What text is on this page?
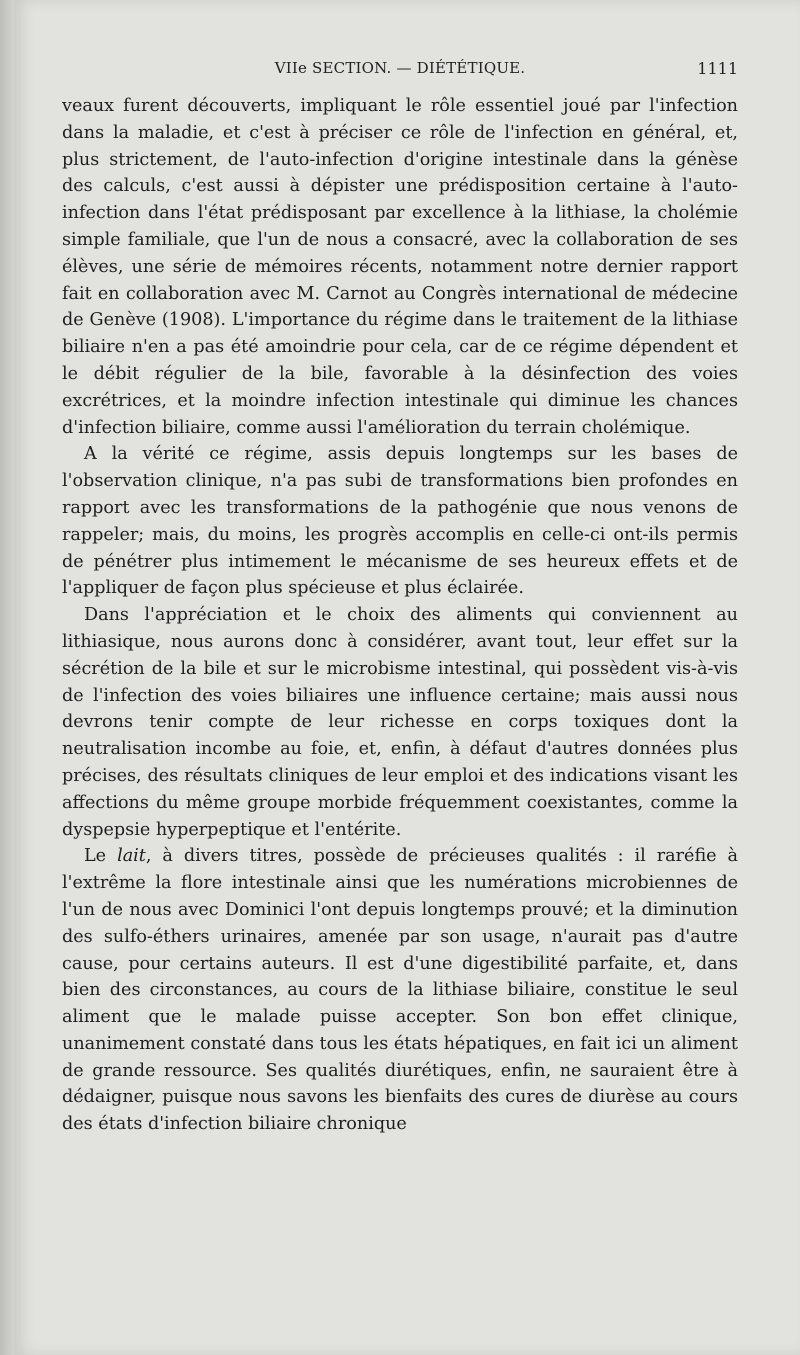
VIIe SECTION. — DIÉTÉTIQUE.	1111

veaux furent découverts, impliquant le rôle essentiel joué par l'infection dans la maladie, et c'est à préciser ce rôle de l'infection en général, et, plus strictement, de l'auto-infection d'origine intestinale dans la génèse des calculs, c'est aussi à dépister une prédisposition certaine à l'auto-infection dans l'état prédisposant par excellence à la lithiase, la cholémie simple familiale, que l'un de nous a consacré, avec la collaboration de ses élèves, une série de mémoires récents, notamment notre dernier rapport fait en collaboration avec M. Carnot au Congrès international de médecine de Genève (1908). L'importance du régime dans le traitement de la lithiase biliaire n'en a pas été amoindrie pour cela, car de ce régime dépendent et le débit régulier de la bile, favorable à la désinfection des voies excrétrices, et la moindre infection intestinale qui diminue les chances d'infection biliaire, comme aussi l'amélioration du terrain cholémique.

A la vérité ce régime, assis depuis longtemps sur les bases de l'observation clinique, n'a pas subi de transformations bien profondes en rapport avec les transformations de la pathogénie que nous venons de rappeler; mais, du moins, les progrès accomplis en celle-ci ont-ils permis de pénétrer plus intimement le mécanisme de ses heureux effets et de l'appliquer de façon plus spécieuse et plus éclairée.

Dans l'appréciation et le choix des aliments qui conviennent au lithiasique, nous aurons donc à considérer, avant tout, leur effet sur la sécrétion de la bile et sur le microbisme intestinal, qui possèdent vis-à-vis de l'infection des voies biliaires une influence certaine; mais aussi nous devrons tenir compte de leur richesse en corps toxiques dont la neutralisation incombe au foie, et, enfin, à défaut d'autres données plus précises, des résultats cliniques de leur emploi et des indications visant les affections du même groupe morbide fréquemment coexistantes, comme la dyspepsie hyperpeptique et l'entérite.

Le lait, à divers titres, possède de précieuses qualités : il raréfie à l'extrême la flore intestinale ainsi que les numérations microbiennes de l'un de nous avec Dominici l'ont depuis longtemps prouvé; et la diminution des sulfo-éthers urinaires, amenée par son usage, n'aurait pas d'autre cause, pour certains auteurs. Il est d'une digestibilité parfaite, et, dans bien des circonstances, au cours de la lithiase biliaire, constitue le seul aliment que le malade puisse accepter. Son bon effet clinique, unanimement constaté dans tous les états hépatiques, en fait ici un aliment de grande ressource. Ses qualités diurétiques, enfin, ne sauraient être à dédaigner, puisque nous savons les bienfaits des cures de diurèse au cours des états d'infection biliaire chronique
